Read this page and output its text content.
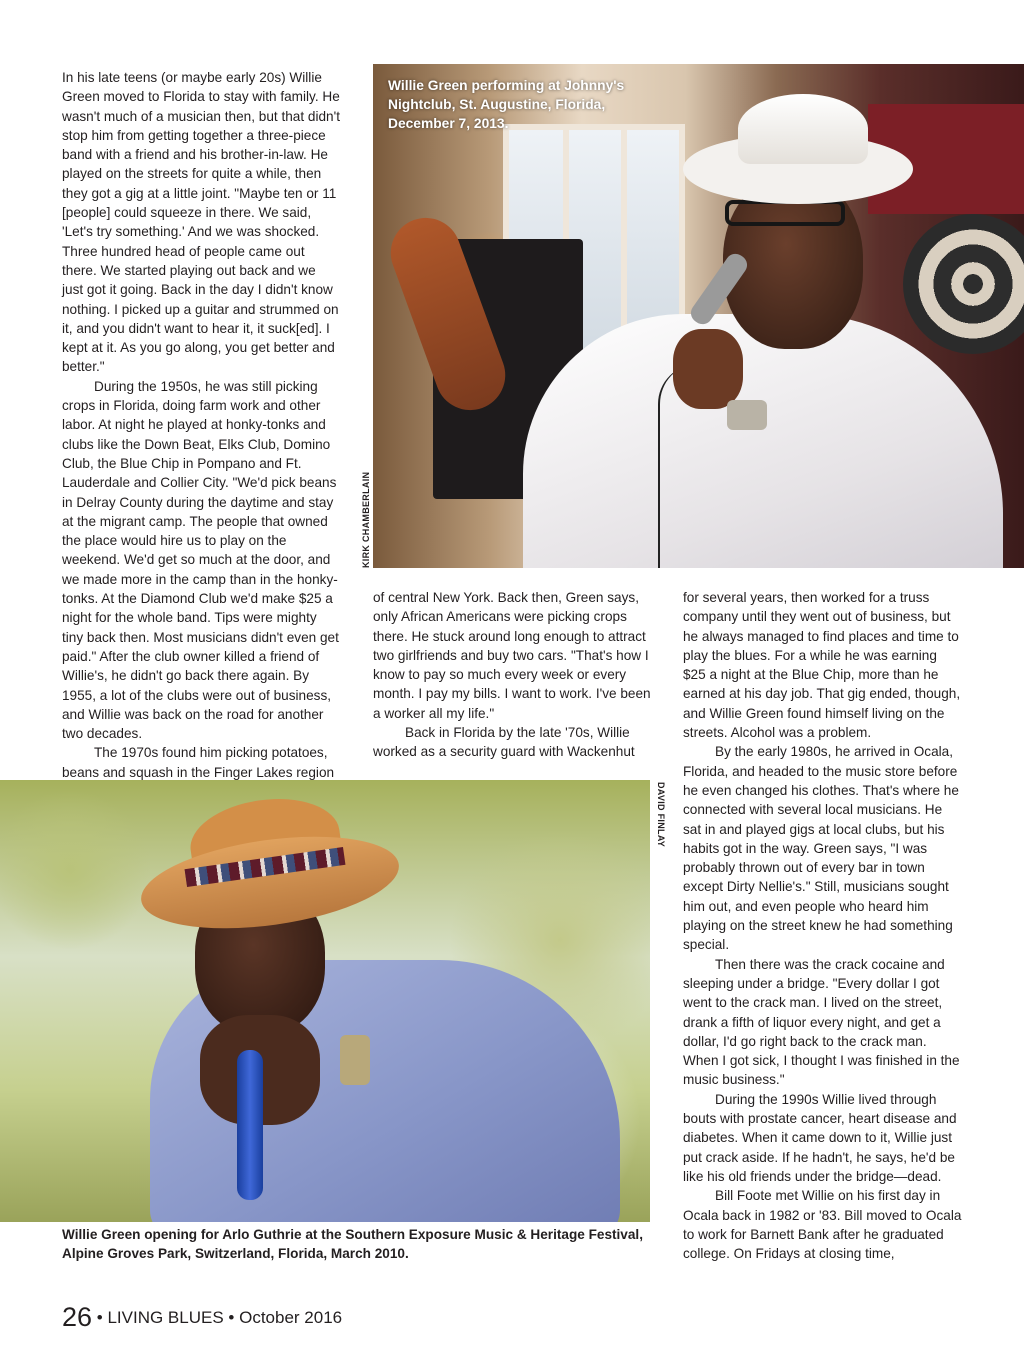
In his late teens (or maybe early 20s) Willie Green moved to Florida to stay with family. He wasn't much of a musician then, but that didn't stop him from getting together a three-piece band with a friend and his brother-in-law. He played on the streets for quite a while, then they got a gig at a little joint. "Maybe ten or 11 [people] could squeeze in there. We said, 'Let's try something.' And we was shocked. Three hundred head of people came out there. We started playing out back and we just got it going. Back in the day I didn't know nothing. I picked up a guitar and strummed on it, and you didn't want to hear it, it suck[ed]. I kept at it. As you go along, you get better and better."

During the 1950s, he was still picking crops in Florida, doing farm work and other labor. At night he played at honky-tonks and clubs like the Down Beat, Elks Club, Domino Club, the Blue Chip in Pompano and Ft. Lauderdale and Collier City. "We'd pick beans in Delray County during the daytime and stay at the migrant camp. The people that owned the place would hire us to play on the weekend. We'd get so much at the door, and we made more in the camp than in the honky-tonks. At the Diamond Club we'd make $25 a night for the whole band. Tips were mighty tiny back then. Most musicians didn't even get paid." After the club owner killed a friend of Willie's, he didn't go back there again. By 1955, a lot of the clubs were out of business, and Willie was back on the road for another two decades.

The 1970s found him picking potatoes, beans and squash in the Finger Lakes region

Willie Green performing at Johnny's Nightclub, St. Augustine, Florida, December 7, 2013.
KIRK CHAMBERLAIN

of central New York. Back then, Green says, only African Americans were picking crops there. He stuck around long enough to attract two girlfriends and buy two cars. "That's how I know to pay so much every week or every month. I pay my bills. I want to work. I've been a worker all my life."

Back in Florida by the late '70s, Willie worked as a security guard with Wackenhut

for several years, then worked for a truss company until they went out of business, but he always managed to find places and time to play the blues. For a while he was earning $25 a night at the Blue Chip, more than he earned at his day job. That gig ended, though, and Willie Green found himself living on the streets. Alcohol was a problem.

By the early 1980s, he arrived in Ocala, Florida, and headed to the music store before he even changed his clothes. That's where he connected with several local musicians. He sat in and played gigs at local clubs, but his habits got in the way. Green says, "I was probably thrown out of every bar in town except Dirty Nellie's." Still, musicians sought him out, and even people who heard him playing on the street knew he had something special.

Then there was the crack cocaine and sleeping under a bridge. "Every dollar I got went to the crack man. I lived on the street, drank a fifth of liquor every night, and get a dollar, I'd go right back to the crack man. When I got sick, I thought I was finished in the music business."

During the 1990s Willie lived through bouts with prostate cancer, heart disease and diabetes. When it came down to it, Willie just put crack aside. If he hadn't, he says, he'd be like his old friends under the bridge—dead.

Bill Foote met Willie on his first day in Ocala back in 1982 or '83. Bill moved to Ocala to work for Barnett Bank after he graduated college. On Fridays at closing time,

DAVID FINLAY
Willie Green opening for Arlo Guthrie at the Southern Exposure Music & Heritage Festival, Alpine Groves Park, Switzerland, Florida, March 2010.
26 • LIVING BLUES • October 2016
